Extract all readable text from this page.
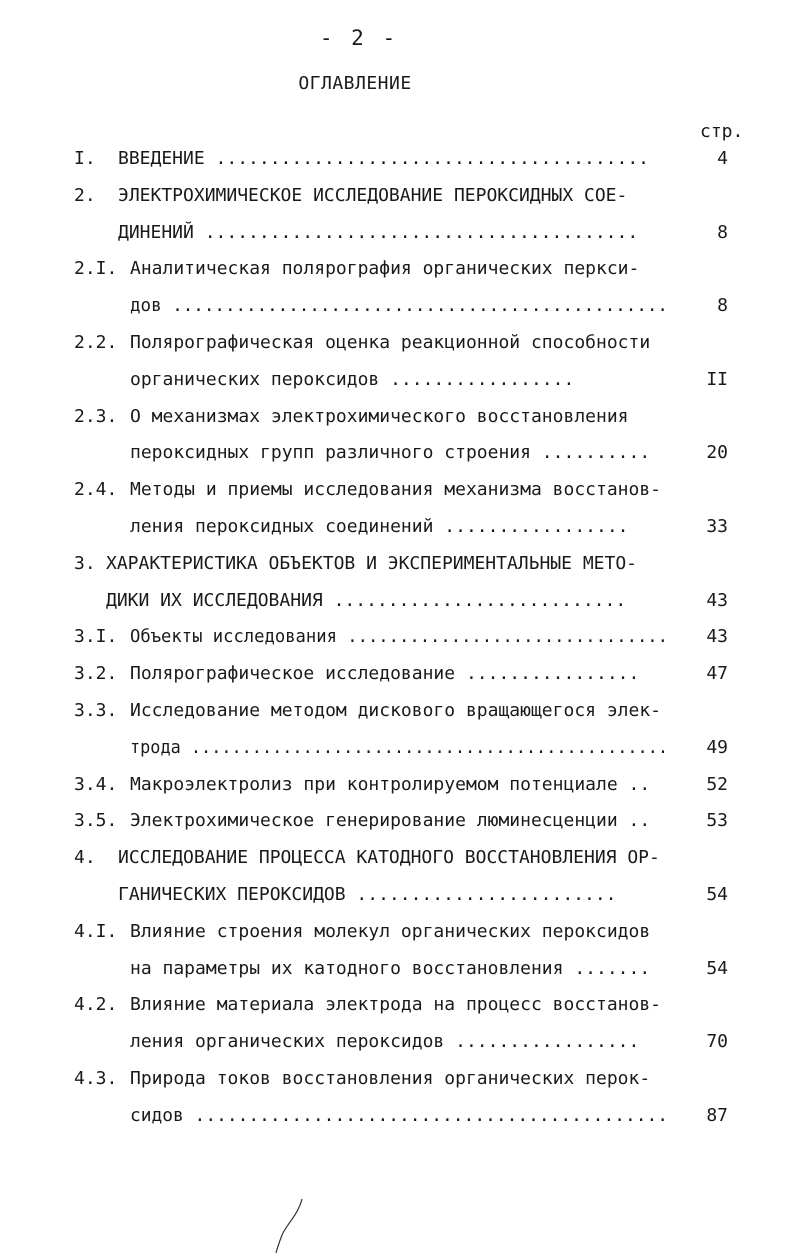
- 2 -
ОГЛАВЛЕНИЕ
стр.
I. ВВЕДЕНИЕ ........................................	4
2. ЭЛЕКТРОХИМИЧЕСКОЕ ИССЛЕДОВАНИЕ ПЕРОКСИДНЫХ СОЕ-
ДИНЕНИЙ ........................................	8
2.I. Аналитическая полярография органических перкси-
дов ...............................................	8
2.2. Полярографическая оценка реакционной способности
органических пероксидов .................	II
2.3. О механизмах электрохимического восстановления
пероксидных групп различного строения ..........	20
2.4. Методы и приемы исследования механизма восстанов-
ления пероксидных соединений .................	33
3. ХАРАКТЕРИСТИКА ОБЪЕКТОВ И ЭКСПЕРИМЕНТАЛЬНЫЕ МЕТО-
ДИКИ ИХ ИССЛЕДОВАНИЯ ...........................	43
3.I. Объекты исследования ...............................	43
3.2. Полярографическое исследование ................	47
3.3. Исследование методом дискового вращающегося элек-
трода ...............................................	49
3.4. Макроэлектролиз при контролируемом потенциале ..	52
3.5. Электрохимическое генерирование люминесценции ..	53
4. ИССЛЕДОВАНИЕ ПРОЦЕССА КАТОДНОГО ВОССТАНОВЛЕНИЯ ОР-
ГАНИЧЕСКИХ ПЕРОКСИДОВ ........................	54
4.I. Влияние строения молекул органических пероксидов
на параметры их катодного восстановления .......	54
4.2. Влияние материала электрода на процесс восстанов-
ления органических пероксидов .................	70
4.3. Природа токов восстановления органических перок-
сидов ............................................	87
